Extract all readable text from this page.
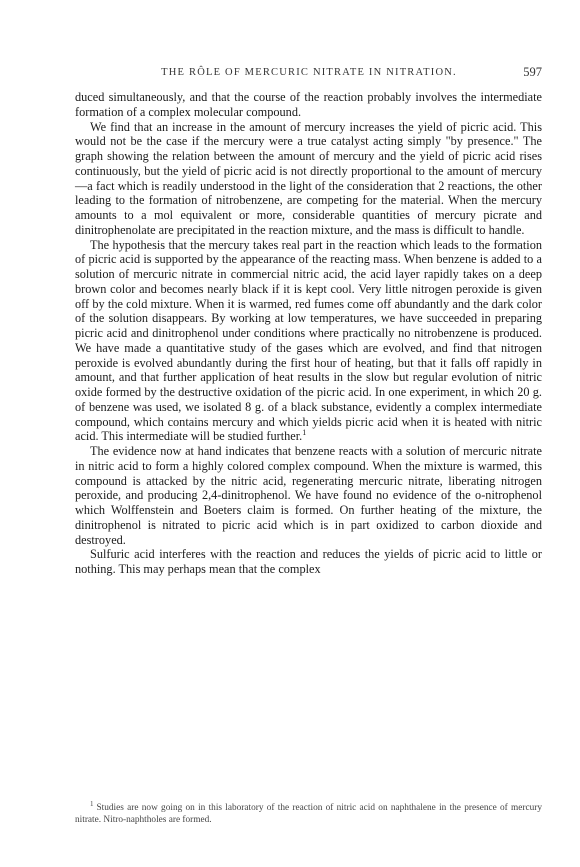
THE RÔLE OF MERCURIC NITRATE IN NITRATION.	597

duced simultaneously, and that the course of the reaction probably involves the intermediate formation of a complex molecular compound.

We find that an increase in the amount of mercury increases the yield of picric acid. This would not be the case if the mercury were a true catalyst acting simply "by presence." The graph showing the relation between the amount of mercury and the yield of picric acid rises continuously, but the yield of picric acid is not directly proportional to the amount of mercury—a fact which is readily understood in the light of the consideration that 2 reactions, the other leading to the formation of nitrobenzene, are competing for the material. When the mercury amounts to a mol equivalent or more, considerable quantities of mercury picrate and dinitrophenolate are precipitated in the reaction mixture, and the mass is difficult to handle.

The hypothesis that the mercury takes real part in the reaction which leads to the formation of picric acid is supported by the appearance of the reacting mass. When benzene is added to a solution of mercuric nitrate in commercial nitric acid, the acid layer rapidly takes on a deep brown color and becomes nearly black if it is kept cool. Very little nitrogen peroxide is given off by the cold mixture. When it is warmed, red fumes come off abundantly and the dark color of the solution disappears. By working at low temperatures, we have succeeded in preparing picric acid and dinitrophenol under conditions where practically no nitrobenzene is produced. We have made a quantitative study of the gases which are evolved, and find that nitrogen peroxide is evolved abundantly during the first hour of heating, but that it falls off rapidly in amount, and that further application of heat results in the slow but regular evolution of nitric oxide formed by the destructive oxidation of the picric acid. In one experiment, in which 20 g. of benzene was used, we isolated 8 g. of a black substance, evidently a complex intermediate compound, which contains mercury and which yields picric acid when it is heated with nitric acid. This intermediate will be studied further.$^1$

The evidence now at hand indicates that benzene reacts with a solution of mercuric nitrate in nitric acid to form a highly colored complex compound. When the mixture is warmed, this compound is attacked by the nitric acid, regenerating mercuric nitrate, liberating nitrogen peroxide, and producing 2,4-dinitrophenol. We have found no evidence of the o-nitrophenol which Wolffenstein and Boeters claim is formed. On further heating of the mixture, the dinitrophenol is nitrated to picric acid which is in part oxidized to carbon dioxide and destroyed.

Sulfuric acid interferes with the reaction and reduces the yields of picric acid to little or nothing. This may perhaps mean that the complex

$^1$ Studies are now going on in this laboratory of the reaction of nitric acid on naphthalene in the presence of mercury nitrate. Nitro-naphtholes are formed.
